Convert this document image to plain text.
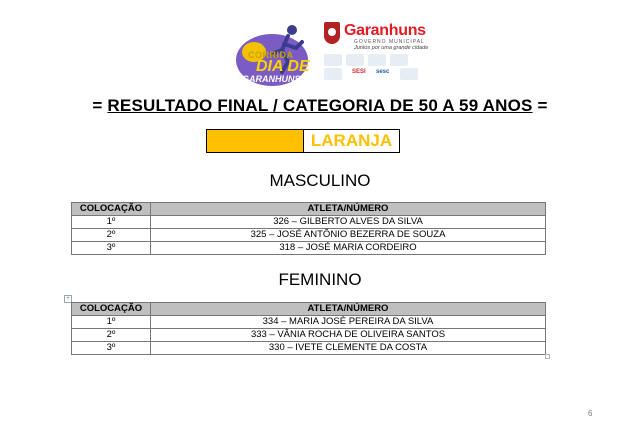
CORRIDA
DIA DE
GARANHUNS
Garanhuns
GOVERNO MUNICIPAL
Juntos por uma grande cidade
SESI sesc
= RESULTADO FINAL / CATEGORIA DE 50 A 59 ANOS =
LARANJA
MASCULINO
COLOCAÇÃO	ATLETA/NÚMERO
1º	326 – GILBERTO ALVES DA SILVA
2º	325 – JOSÉ ANTÔNIO BEZERRA DE SOUZA
3º	318 – JOSÉ MARIA CORDEIRO
FEMININO
+
COLOCAÇÃO	ATLETA/NÚMERO
1º	334 – MARIA JOSÉ PEREIRA DA SILVA
2º	333 – VÂNIA ROCHA DE OLIVEIRA SANTOS
3º	330 – IVETE CLEMENTE DA COSTA
6
